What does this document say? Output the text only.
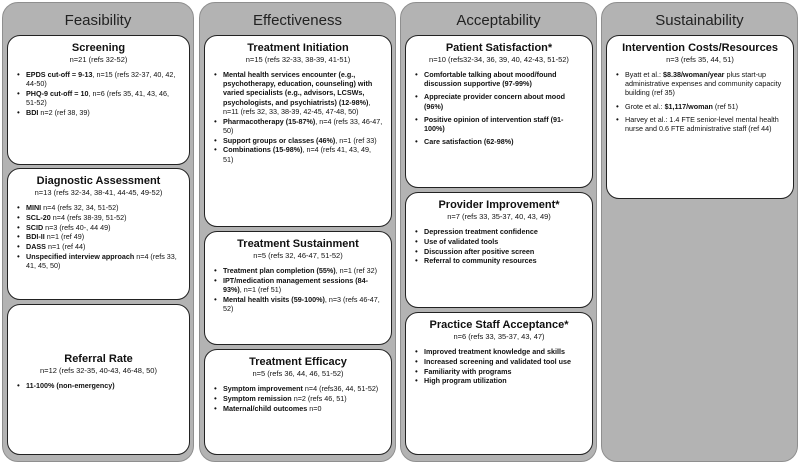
Feasibility	Effectiveness	Acceptability	Sustainability
Screening
n=21 (refs 32-52)
• EPDS cut-off = 9-13, n=15 (refs 32-37, 40, 42, 44-50)
• PHQ-9 cut-off = 10, n=6 (refs 35, 41, 43, 46, 51-52)
• BDI n=2 (ref 38, 39)
Diagnostic Assessment
n=13 (refs 32-34, 38-41, 44-45, 49-52)
• MINI n=4 (refs 32, 34, 51-52)
• SCL-20 n=4 (refs 38-39, 51-52)
• SCID n=3 (refs 40-, 44 49)
• BDI-II n=1 (ref 49)
• DASS n=1 (ref 44)
• Unspecified interview approach n=4 (refs 33, 41, 45, 50)
Referral Rate
n=12 (refs 32-35, 40-43, 46-48, 50)
• 11-100% (non-emergency)
Treatment Initiation
n=15 (refs 32-33, 38-39, 41-51)
• Mental health services encounter (e.g., psychotherapy, education, counseling) with varied specialists (e.g., advisors, LCSWs, psychologists, and psychiatrists) (12-98%), n=11 (refs 32, 33, 38-39, 42-45, 47-48, 50)
• Pharmacotherapy (15-87%), n=4 (refs 33, 46-47, 50)
• Support groups or classes (46%), n=1 (ref 33)
• Combinations (15-98%), n=4 (refs 41, 43, 49, 51)
Treatment Sustainment
n=5 (refs 32, 46-47, 51-52)
• Treatment plan completion (55%), n=1 (ref 32)
• IPT/medication management sessions (84-93%), n=1 (ref 51)
• Mental health visits (59-100%), n=3 (refs 46-47, 52)
Treatment Efficacy
n=5 (refs 36, 44, 46, 51-52)
• Symptom improvement n=4 (refs36, 44, 51-52)
• Symptom remission n=2 (refs 46, 51)
• Maternal/child outcomes n=0
Patient Satisfaction*
n=10 (refs32-34, 36, 39, 40, 42-43, 51-52)
• Comfortable talking about mood/found discussion supportive (97-99%)
• Appreciate provider concern about mood (96%)
• Positive opinion of intervention staff (91-100%)
• Care satisfaction (62-98%)
Provider Improvement*
n=7 (refs 33, 35-37, 40, 43, 49)
• Depression treatment confidence
• Use of validated tools
• Discussion after positive screen
• Referral to community resources
Practice Staff Acceptance*
n=6 (refs 33, 35-37, 43, 47)
• Improved treatment knowledge and skills
• Increased screening and validated tool use
• Familiarity with programs
• High program utilization
Intervention Costs/Resources
n=3 (refs 35, 44, 51)
• Byatt et al.: $8.38/woman/year plus start-up administrative expenses and community capacity building (ref 35)
• Grote et al.: $1,117/woman (ref 51)
• Harvey et al.: 1.4 FTE senior-level mental health nurse and 0.6 FTE administrative staff (ref 44)
